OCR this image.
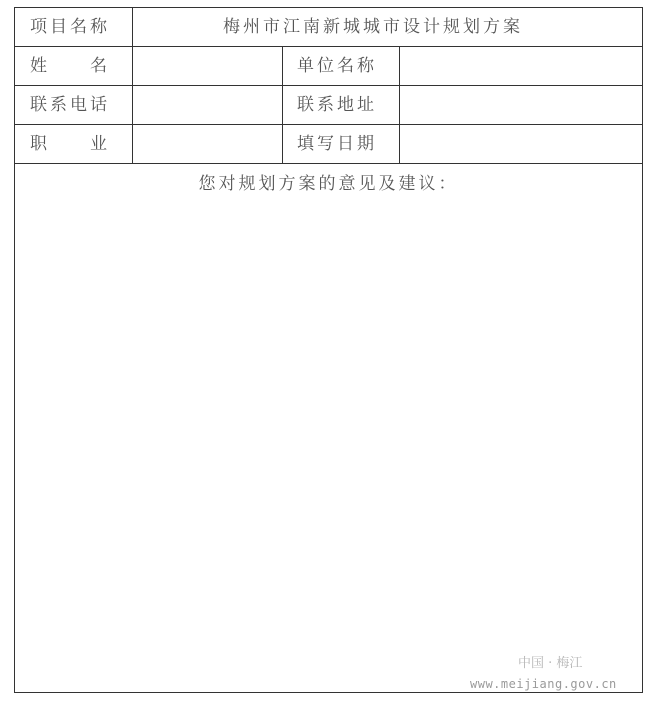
项目名称	梅州市江南新城城市设计规划方案
姓　　名	单位名称
联系电话	联系地址
职　　业	填写日期
您对规划方案的意见及建议：
中国 · 梅江
www.meijiang.gov.cn
